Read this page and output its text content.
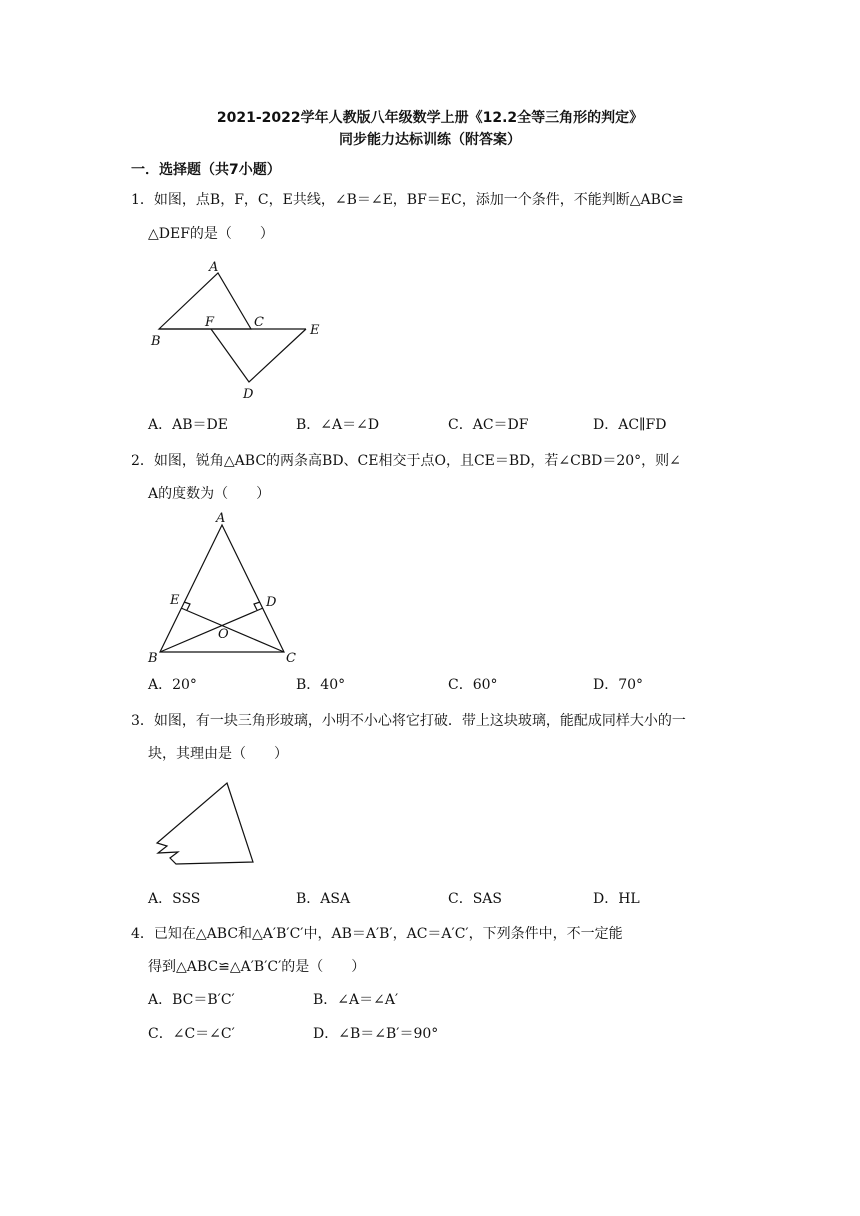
2021-2022学年人教版八年级数学上册《12.2全等三角形的判定》
同步能力达标训练（附答案）
一．选择题（共7小题）
1．如图，点B，F，C，E共线，∠B＝∠E，BF＝EC，添加一个条件，不能判断△ABC≌
△DEF的是（　　）
A
B
F	C
E
D
A．AB＝DE	B．∠A＝∠D	C．AC＝DF	D．AC∥FD
2．如图，锐角△ABC的两条高BD、CE相交于点O，且CE＝BD，若∠CBD＝20°，则∠
A的度数为（　　）
A
E	D
O
B	C
A．20°	B．40°	C．60°	D．70°
3．如图，有一块三角形玻璃，小明不小心将它打破．带上这块玻璃，能配成同样大小的一
块，其理由是（　　）
A．SSS	B．ASA	C．SAS	D．HL
4．已知在△ABC和△A′B′C′中，AB＝A′B′，AC＝A′C′，下列条件中，不一定能
得到△ABC≌△A′B′C′的是（　　）
A．BC＝B′C′	B．∠A＝∠A′
C．∠C＝∠C′	D．∠B＝∠B′＝90°
